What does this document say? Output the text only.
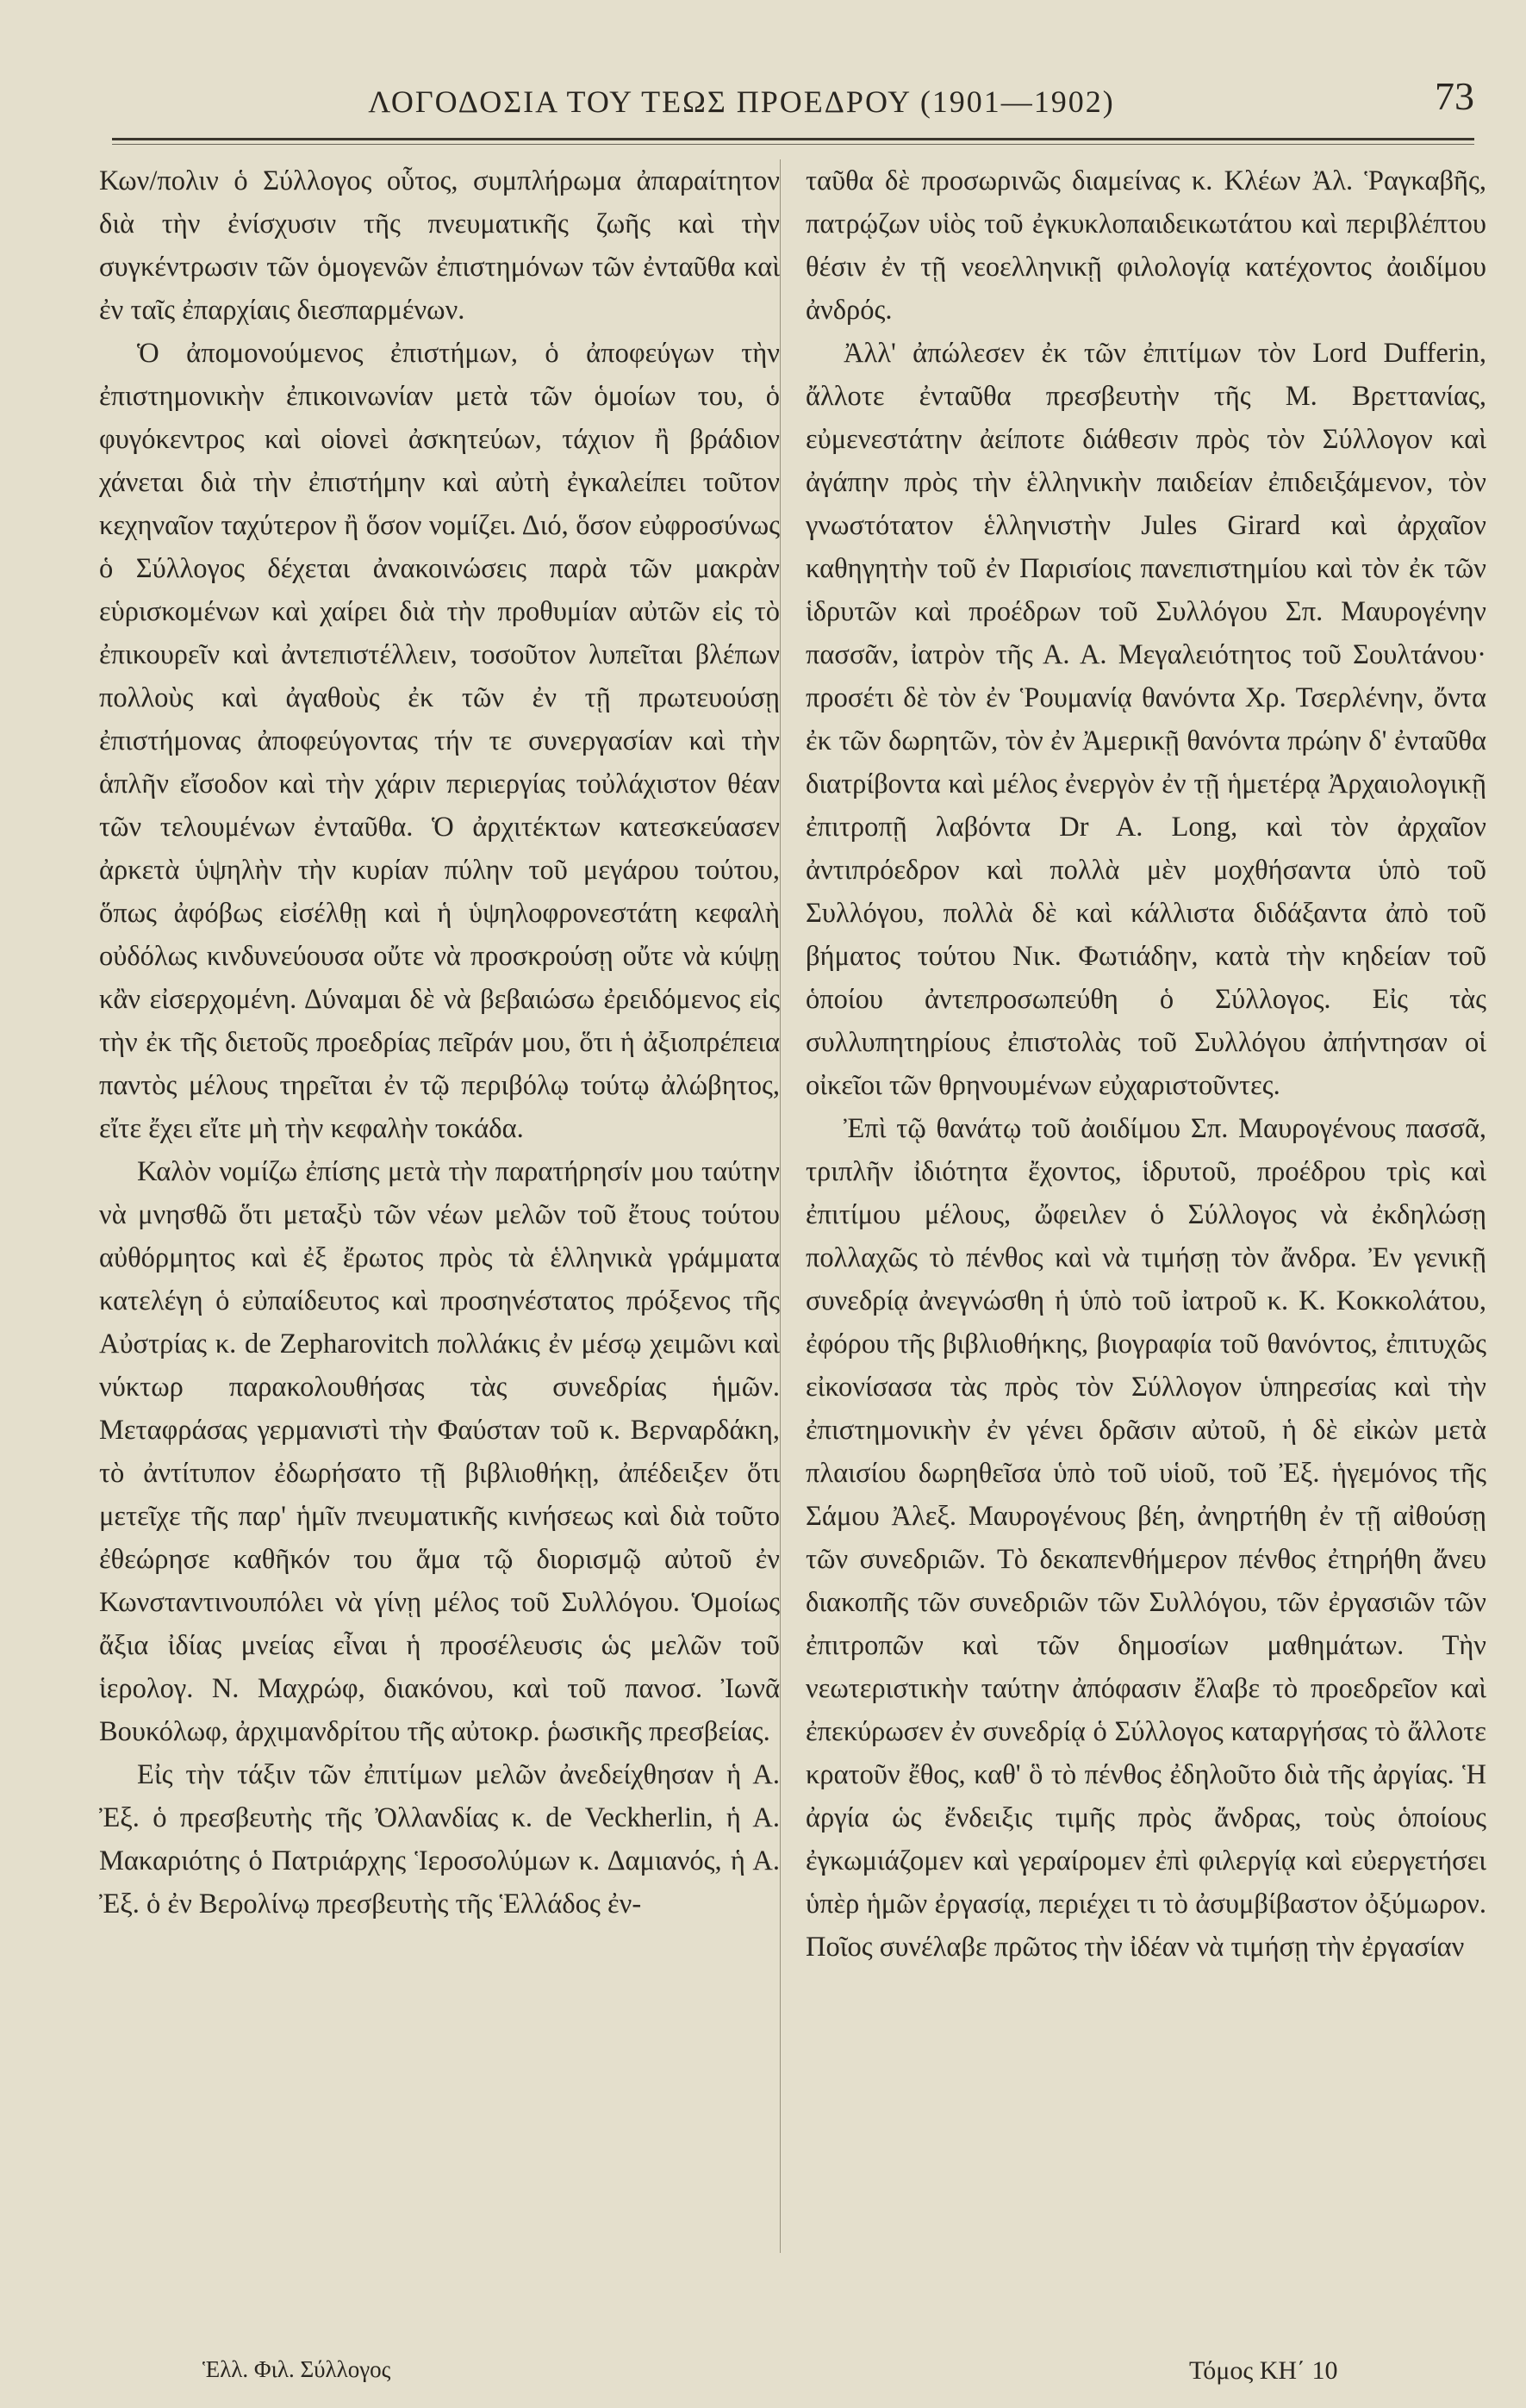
ΛΟΓΟΔΟΣΙΑ ΤΟΥ ΤΕΩΣ ΠΡΟΕΔΡΟΥ (1901—1902)	73

Κων/πολιν ὁ Σύλλογος οὗτος, συμπλήρωμα ἀπαραίτητον διὰ τὴν ἐνίσχυσιν τῆς πνευματικῆς ζωῆς καὶ τὴν συγκέντρωσιν τῶν ὁμογενῶν ἐπιστημόνων τῶν ἐνταῦθα καὶ ἐν ταῖς ἐπαρχίαις διεσπαρμένων.

Ὁ ἀπομονούμενος ἐπιστήμων, ὁ ἀποφεύγων τὴν ἐπιστημονικὴν ἐπικοινωνίαν μετὰ τῶν ὁμοίων του, ὁ φυγόκεντρος καὶ οἱονεὶ ἀσκητεύων, τάχιον ἢ βράδιον χάνεται διὰ τὴν ἐπιστήμην καὶ αὐτὴ ἐγκαλείπει τοῦτον κεχηναῖον ταχύτερον ἢ ὅσον νομίζει. Διό, ὅσον εὐφροσύνως ὁ Σύλλογος δέχεται ἀνακοινώσεις παρὰ τῶν μακρὰν εὑρισκομένων καὶ χαίρει διὰ τὴν προθυμίαν αὐτῶν εἰς τὸ ἐπικουρεῖν καὶ ἀντεπιστέλλειν, τοσοῦτον λυπεῖται βλέπων πολλοὺς καὶ ἀγαθοὺς ἐκ τῶν ἐν τῇ πρωτευούσῃ ἐπιστήμονας ἀποφεύγοντας τήν τε συνεργασίαν καὶ τὴν ἁπλῆν εἴσοδον καὶ τὴν χάριν περιεργίας τοὐλάχιστον θέαν τῶν τελουμένων ἐνταῦθα. Ὁ ἀρχιτέκτων κατεσκεύασεν ἀρκετὰ ὑψηλὴν τὴν κυρίαν πύλην τοῦ μεγάρου τούτου, ὅπως ἀφόβως εἰσέλθῃ καὶ ἡ ὑψηλοφρονεστάτη κεφαλὴ οὐδόλως κινδυνεύουσα οὔτε νὰ προσκρούσῃ οὔτε νὰ κύψῃ κἂν εἰσερχομένη. Δύναμαι δὲ νὰ βεβαιώσω ἐρειδόμενος εἰς τὴν ἐκ τῆς διετοῦς προεδρίας πεῖράν μου, ὅτι ἡ ἀξιοπρέπεια παντὸς μέλους τηρεῖται ἐν τῷ περιβόλῳ τούτῳ ἀλώβητος, εἴτε ἔχει εἴτε μὴ τὴν κεφαλὴν τοκάδα.

Καλὸν νομίζω ἐπίσης μετὰ τὴν παρατήρησίν μου ταύτην νὰ μνησθῶ ὅτι μεταξὺ τῶν νέων μελῶν τοῦ ἔτους τούτου αὐθόρμητος καὶ ἐξ ἔρωτος πρὸς τὰ ἑλληνικὰ γράμματα κατελέγη ὁ εὐπαίδευτος καὶ προσηνέστατος πρόξενος τῆς Αὐστρίας κ. de Zepharovitch πολλάκις ἐν μέσῳ χειμῶνι καὶ νύκτωρ παρακολουθήσας τὰς συνεδρίας ἡμῶν. Μεταφράσας γερμανιστὶ τὴν Φαύσταν τοῦ κ. Βερναρδάκη, τὸ ἀντίτυπον ἐδωρήσατο τῇ βιβλιοθήκῃ, ἀπέδειξεν ὅτι μετεῖχε τῆς παρ' ἡμῖν πνευματικῆς κινήσεως καὶ διὰ τοῦτο ἐθεώρησε καθῆκόν του ἅμα τῷ διορισμῷ αὐτοῦ ἐν Κωνσταντινουπόλει νὰ γίνῃ μέλος τοῦ Συλλόγου. Ὁμοίως ἄξια ἰδίας μνείας εἶναι ἡ προσέλευσις ὡς μελῶν τοῦ ἱερολογ. Ν. Μαχρώφ, διακόνου, καὶ τοῦ πανοσ. Ἰωνᾶ Βουκόλωφ, ἀρχιμανδρίτου τῆς αὐτοκρ. ῥωσικῆς πρεσβείας.

Εἰς τὴν τάξιν τῶν ἐπιτίμων μελῶν ἀνεδείχθησαν ἡ Α. Ἐξ. ὁ πρεσβευτὴς τῆς Ὀλλανδίας κ. de Veckherlin, ἡ Α. Μακαριότης ὁ Πατριάρχης Ἱεροσολύμων κ. Δαμιανός, ἡ Α. Ἐξ. ὁ ἐν Βερολίνῳ πρεσβευτὴς τῆς Ἑλλάδος ἐν-

ταῦθα δὲ προσωρινῶς διαμείνας κ. Κλέων Ἀλ. Ῥαγκαβῆς, πατρῴζων υἱὸς τοῦ ἐγκυκλοπαιδεικωτάτου καὶ περιβλέπτου θέσιν ἐν τῇ νεοελληνικῇ φιλολογίᾳ κατέχοντος ἀοιδίμου ἀνδρός.

Ἀλλ' ἀπώλεσεν ἐκ τῶν ἐπιτίμων τὸν Lord Dufferin, ἄλλοτε ἐνταῦθα πρεσβευτὴν τῆς Μ. Βρεττανίας, εὐμενεστάτην ἀείποτε διάθεσιν πρὸς τὸν Σύλλογον καὶ ἀγάπην πρὸς τὴν ἑλληνικὴν παιδείαν ἐπιδειξάμενον, τὸν γνωστότατον ἑλληνιστὴν Jules Girard καὶ ἀρχαῖον καθηγητὴν τοῦ ἐν Παρισίοις πανεπιστημίου καὶ τὸν ἐκ τῶν ἱδρυτῶν καὶ προέδρων τοῦ Συλλόγου Σπ. Μαυρογένην πασσᾶν, ἰατρὸν τῆς Α. Α. Μεγαλειότητος τοῦ Σουλτάνου· προσέτι δὲ τὸν ἐν Ῥουμανίᾳ θανόντα Χρ. Τσερλένην, ὄντα ἐκ τῶν δωρητῶν, τὸν ἐν Ἀμερικῇ θανόντα πρώην δ' ἐνταῦθα διατρίβοντα καὶ μέλος ἐνεργὸν ἐν τῇ ἡμετέρᾳ Ἀρχαιολογικῇ ἐπιτροπῇ λαβόντα Dr A. Long, καὶ τὸν ἀρχαῖον ἀντιπρόεδρον καὶ πολλὰ μὲν μοχθήσαντα ὑπὸ τοῦ Συλλόγου, πολλὰ δὲ καὶ κάλλιστα διδάξαντα ἀπὸ τοῦ βήματος τούτου Νικ. Φωτιάδην, κατὰ τὴν κηδείαν τοῦ ὁποίου ἀντεπροσωπεύθη ὁ Σύλλογος. Εἰς τὰς συλλυπητηρίους ἐπιστολὰς τοῦ Συλλόγου ἀπήντησαν οἱ οἰκεῖοι τῶν θρηνουμένων εὐχαριστοῦντες.

Ἐπὶ τῷ θανάτῳ τοῦ ἀοιδίμου Σπ. Μαυρογένους πασσᾶ, τριπλῆν ἰδιότητα ἔχοντος, ἱδρυτοῦ, προέδρου τρὶς καὶ ἐπιτίμου μέλους, ὤφειλεν ὁ Σύλλογος νὰ ἐκδηλώσῃ πολλαχῶς τὸ πένθος καὶ νὰ τιμήσῃ τὸν ἄνδρα. Ἐν γενικῇ συνεδρίᾳ ἀνεγνώσθη ἡ ὑπὸ τοῦ ἰατροῦ κ. Κ. Κοκκολάτου, ἐφόρου τῆς βιβλιοθήκης, βιογραφία τοῦ θανόντος, ἐπιτυχῶς εἰκονίσασα τὰς πρὸς τὸν Σύλλογον ὑπηρεσίας καὶ τὴν ἐπιστημονικὴν ἐν γένει δρᾶσιν αὐτοῦ, ἡ δὲ εἰκὼν μετὰ πλαισίου δωρηθεῖσα ὑπὸ τοῦ υἱοῦ, τοῦ Ἐξ. ἡγεμόνος τῆς Σάμου Ἀλεξ. Μαυρογένους βέη, ἀνηρτήθη ἐν τῇ αἰθούσῃ τῶν συνεδριῶν. Τὸ δεκαπενθήμερον πένθος ἐτηρήθη ἄνευ διακοπῆς τῶν συνεδριῶν τῶν Συλλόγου, τῶν ἐργασιῶν τῶν ἐπιτροπῶν καὶ τῶν δημοσίων μαθημάτων. Τὴν νεωτεριστικὴν ταύτην ἀπόφασιν ἔλαβε τὸ προεδρεῖον καὶ ἐπεκύρωσεν ἐν συνεδρίᾳ ὁ Σύλλογος καταργήσας τὸ ἄλλοτε κρατοῦν ἔθος, καθ' ὃ τὸ πένθος ἐδηλοῦτο διὰ τῆς ἀργίας. Ἡ ἀργία ὡς ἔνδειξις τιμῆς πρὸς ἄνδρας, τοὺς ὁποίους ἐγκωμιάζομεν καὶ γεραίρομεν ἐπὶ φιλεργίᾳ καὶ εὐεργετήσει ὑπὲρ ἡμῶν ἐργασίᾳ, περιέχει τι τὸ ἀσυμβίβαστον ὀξύμωρον. Ποῖος συνέλαβε πρῶτος τὴν ἰδέαν νὰ τιμήσῃ τὴν ἐργασίαν

Ἑλλ. Φιλ. Σύλλογος	Τόμος ΚΗ΄ 10
